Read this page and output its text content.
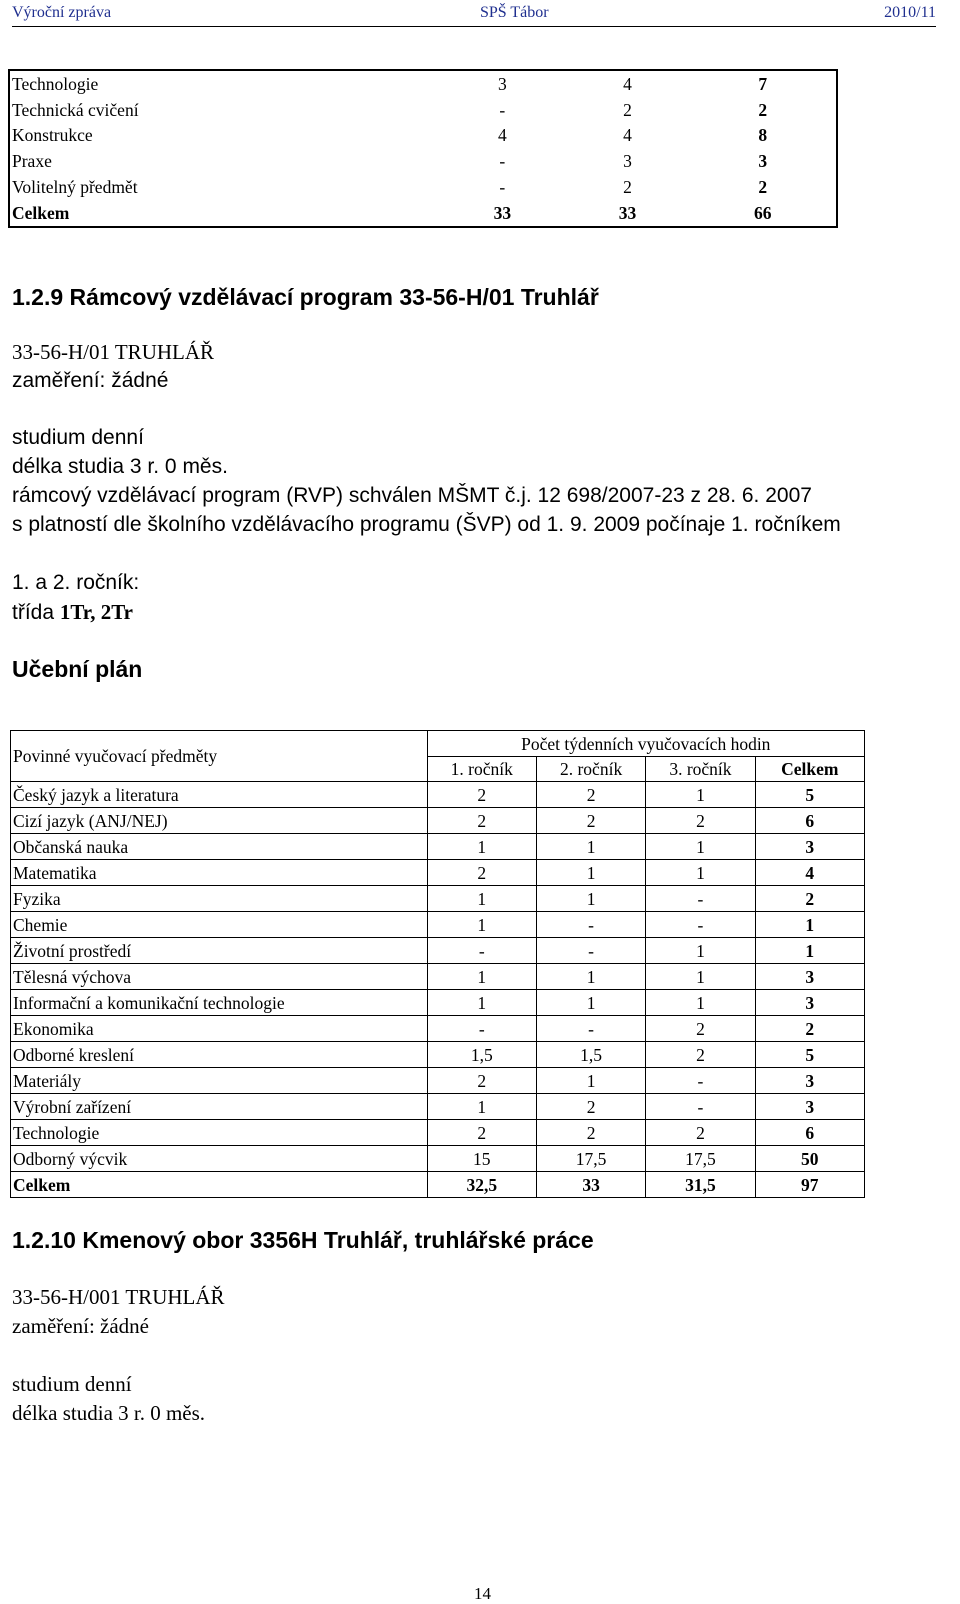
Výroční zpráva	SPŠ Tábor	2010/11
Technologie	3	4	7
Technická cvičení	-	2	2
Konstrukce	4	4	8
Praxe	-	3	3
Volitelný předmět	-	2	2
Celkem	33	33	66
1.2.9 Rámcový vzdělávací program 33-56-H/01 Truhlář
33-56-H/01 TRUHLÁŘ
zaměření: žádné
studium denní
délka studia 3 r. 0 měs.
rámcový vzdělávací program (RVP) schválen MŠMT č.j. 12 698/2007-23 z 28. 6. 2007
s platností dle školního vzdělávacího programu (ŠVP) od 1. 9. 2009 počínaje 1. ročníkem
1. a 2. ročník:
třída 1Tr, 2Tr
Učební plán
Povinné vyučovací předměty	Počet týdenních vyučovacích hodin			
	1. ročník	2. ročník	3. ročník	Celkem
Český jazyk a literatura	2	2	1	5
Cizí jazyk (ANJ/NEJ)	2	2	2	6
Občanská nauka	1	1	1	3
Matematika	2	1	1	4
Fyzika	1	1	-	2
Chemie	1	-	-	1
Životní prostředí	-	-	1	1
Tělesná výchova	1	1	1	3
Informační a komunikační technologie	1	1	1	3
Ekonomika	-	-	2	2
Odborné kreslení	1,5	1,5	2	5
Materiály	2	1	-	3
Výrobní zařízení	1	2	-	3
Technologie	2	2	2	6
Odborný výcvik	15	17,5	17,5	50
Celkem	32,5	33	31,5	97
1.2.10 Kmenový obor 3356H Truhlář, truhlářské práce
33-56-H/001 TRUHLÁŘ
zaměření: žádné
studium denní
délka studia 3 r. 0 měs.
14
